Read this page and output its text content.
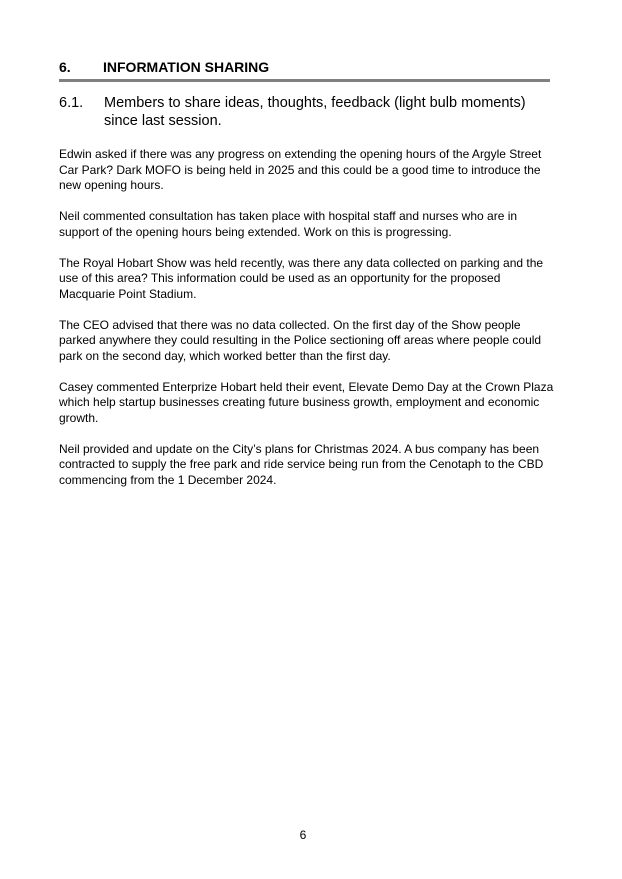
6. INFORMATION SHARING
6.1. Members to share ideas, thoughts, feedback (light bulb moments) since last session.

Edwin asked if there was any progress on extending the opening hours of the Argyle Street Car Park? Dark MOFO is being held in 2025 and this could be a good time to introduce the new opening hours.

Neil commented consultation has taken place with hospital staff and nurses who are in support of the opening hours being extended. Work on this is progressing.

The Royal Hobart Show was held recently, was there any data collected on parking and the use of this area? This information could be used as an opportunity for the proposed Macquarie Point Stadium.

The CEO advised that there was no data collected. On the first day of the Show people parked anywhere they could resulting in the Police sectioning off areas where people could park on the second day, which worked better than the first day.

Casey commented Enterprize Hobart held their event, Elevate Demo Day at the Crown Plaza which help startup businesses creating future business growth, employment and economic growth.

Neil provided and update on the City’s plans for Christmas 2024. A bus company has been contracted to supply the free park and ride service being run from the Cenotaph to the CBD commencing from the 1 December 2024.

6
